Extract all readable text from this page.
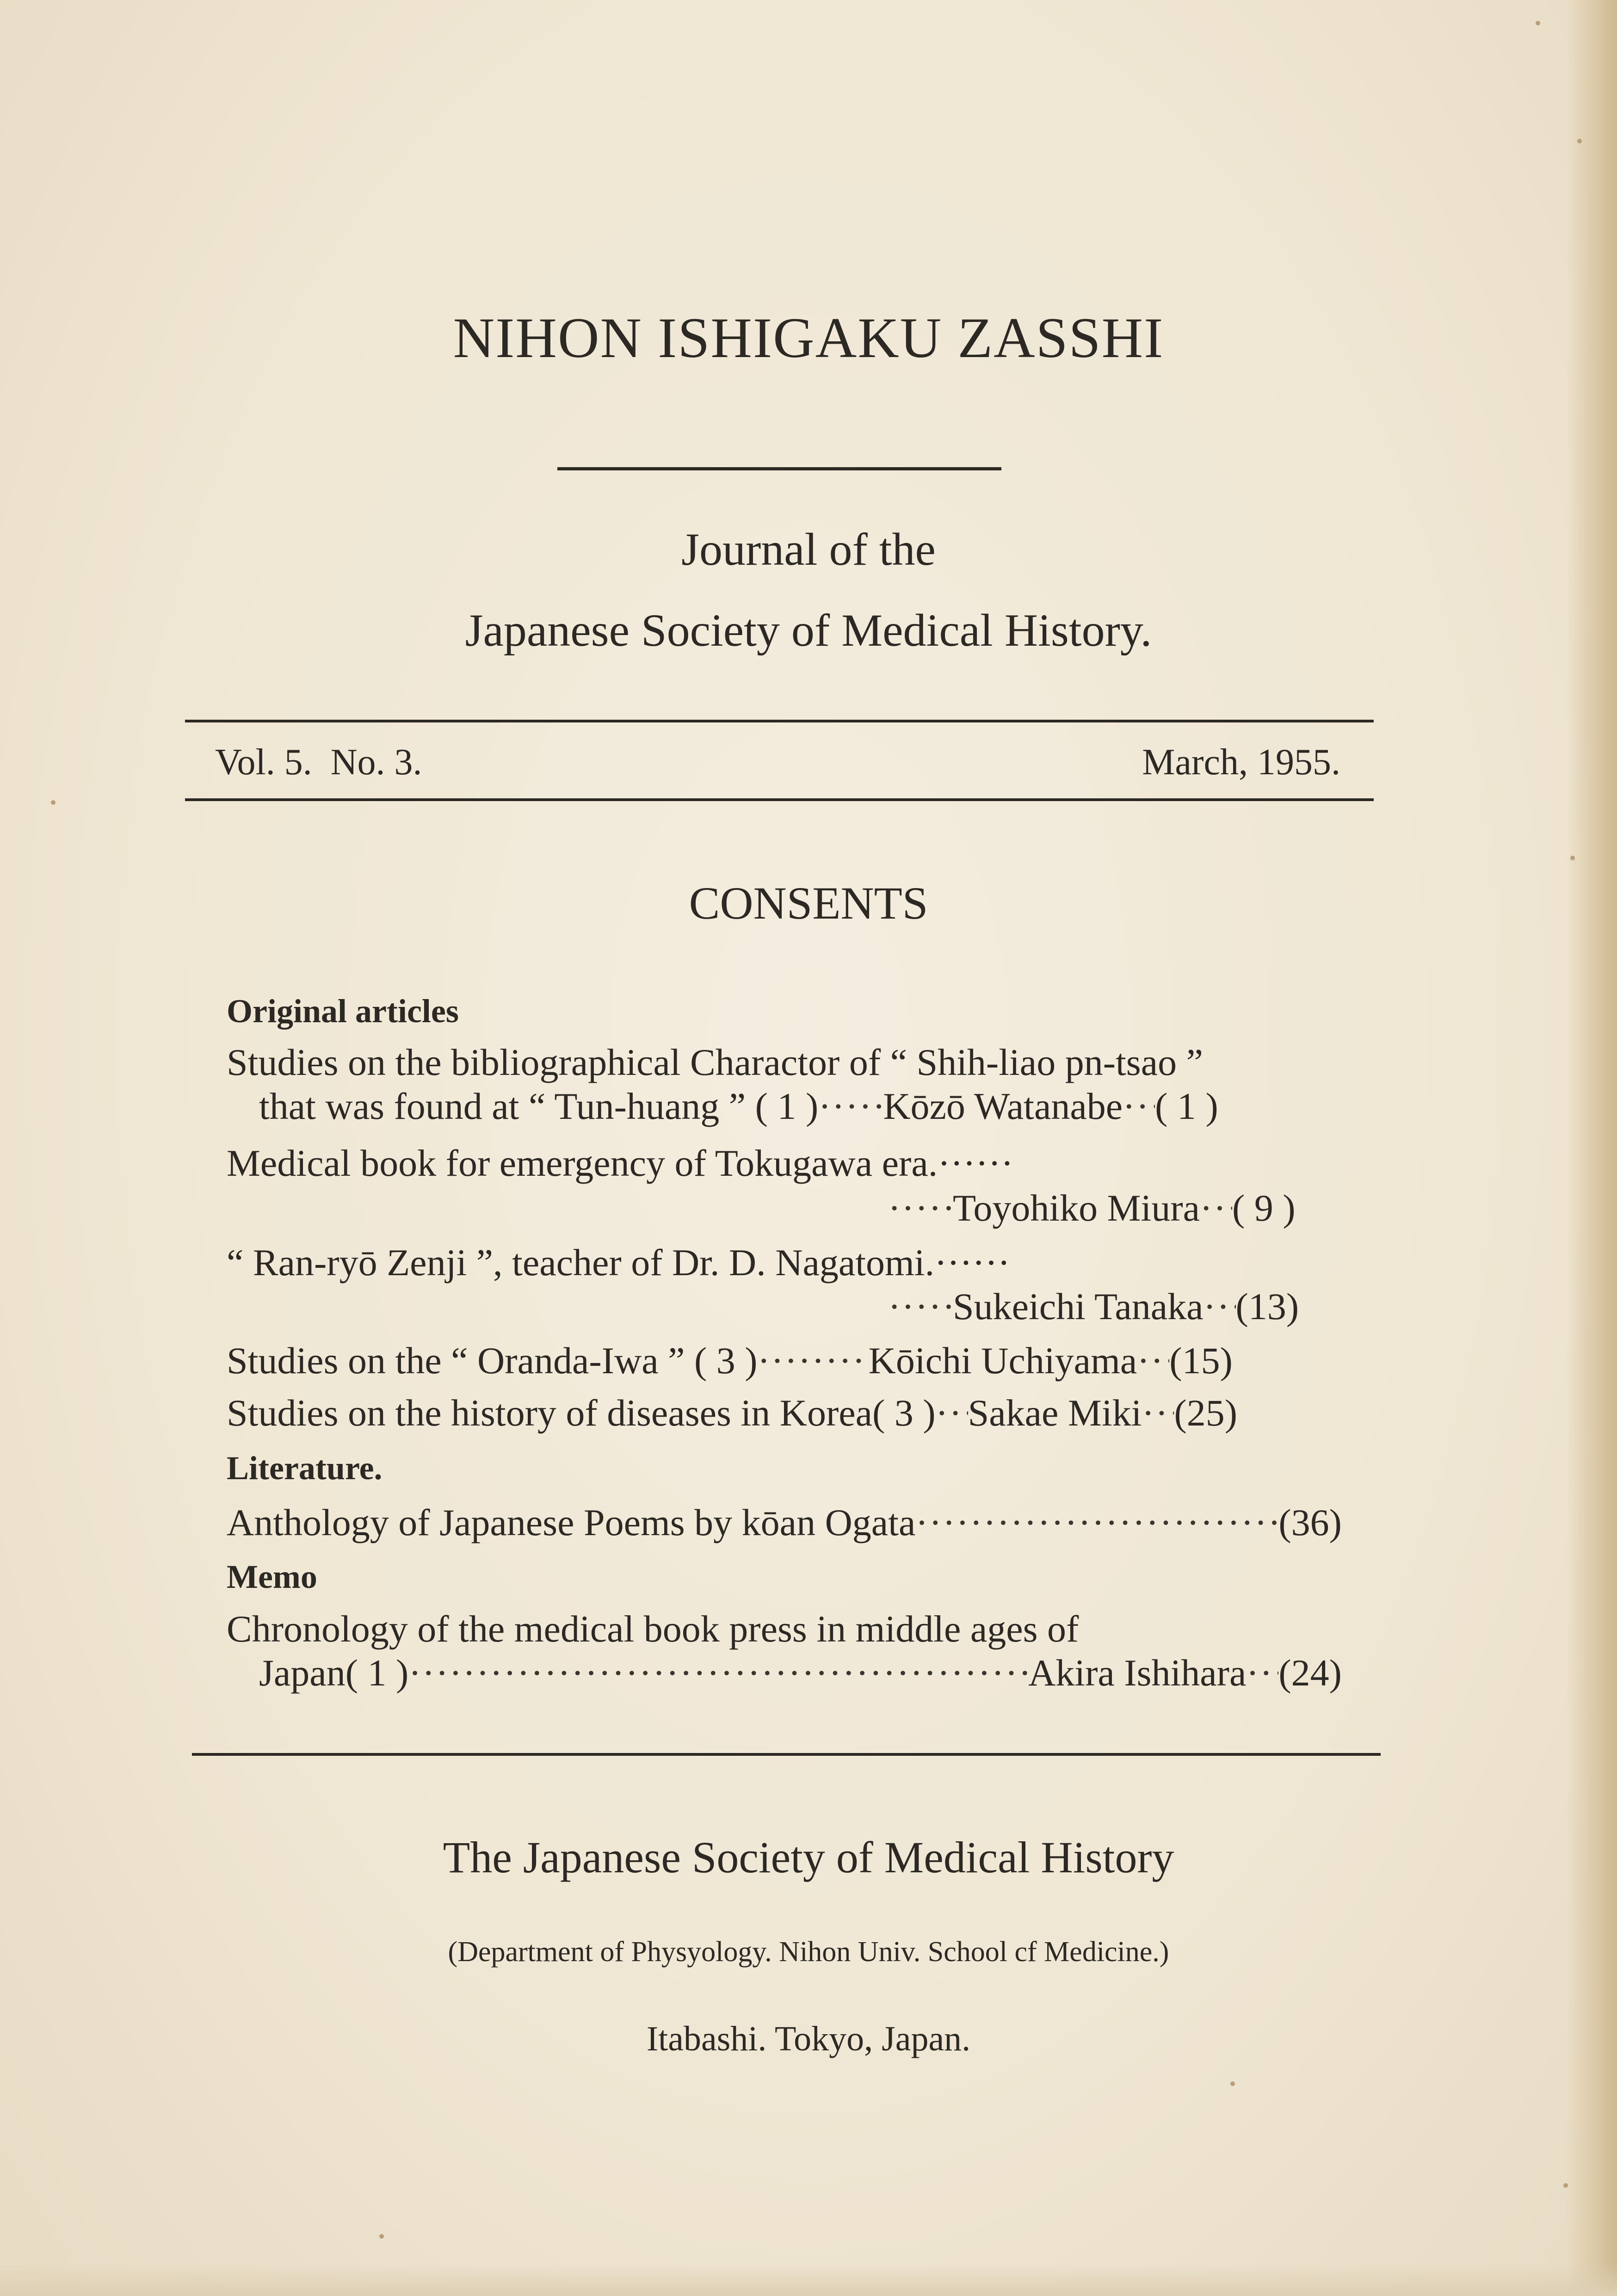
NIHON ISHIGAKU ZASSHI
Journal of the
Japanese Society of Medical History.
Vol. 5.  No. 3.	March, 1955.
CONSENTS
Original articles
Studies on the bibliographical Charactor of “ Shih-liao pn-tsao ”
that was found at “ Tun-huang ” ( 1 ) ····· Kōzō Watanabe ····· ( 1 )
Medical book for emergency of Tokugawa era.······
·····
Toyohiko Miura ····· ( 9 )
“ Ran-ryō Zenji ”, teacher of Dr. D. Nagatomi.······
·····
Sukeichi Tanaka ····· (13)
Studies on the “ Oranda-Iwa ” ( 3 ) ·····	Kōichi Uchiyama ····· (15)
Studies on the history of diseases in Korea( 3 ) ····· Sakae Miki ····· (25)
Literature.
Anthology of Japanese Poems by kōan Ogata ·····	(36)
Memo
Chronology of the medical book press in middle ages of
Japan( 1 ) ·····	Akira Ishihara ····· (24)
The Japanese Society of Medical History
(Department of Physyology. Nihon Univ. School cf Medicine.)
Itabashi. Tokyo, Japan.
